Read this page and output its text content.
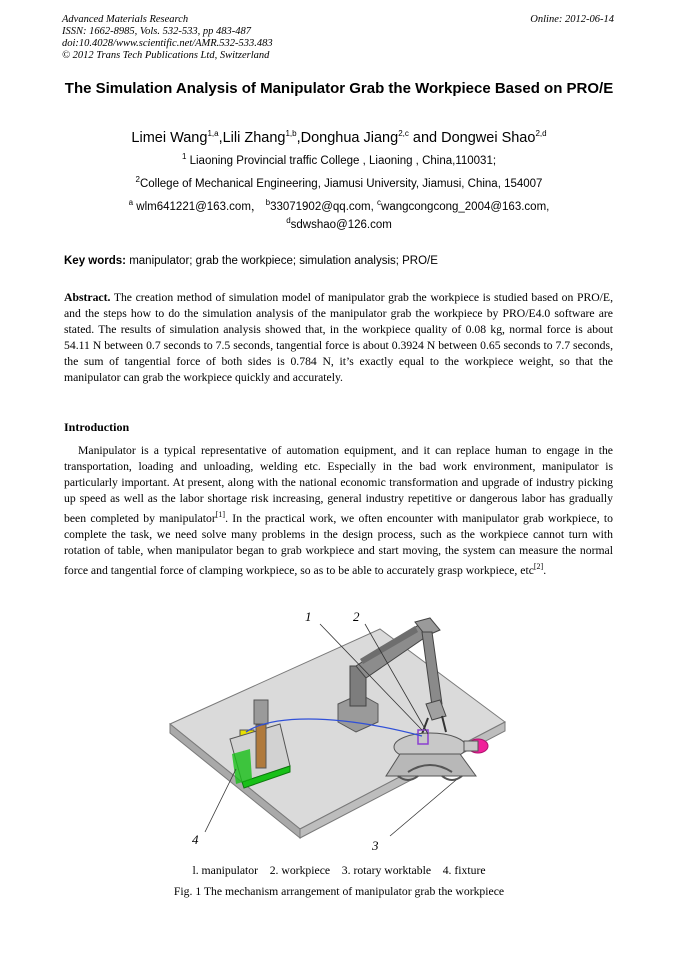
Advanced Materials Research
ISSN: 1662-8985, Vols. 532-533, pp 483-487
doi:10.4028/www.scientific.net/AMR.532-533.483
© 2012 Trans Tech Publications Ltd, Switzerland
Online: 2012-06-14
The Simulation Analysis of Manipulator Grab the Workpiece Based on PRO/E
Limei Wang$^{1,a}$,Lili Zhang$^{1,b}$,Donghua Jiang$^{2,c}$ and Dongwei Shao$^{2,d}$
$^1$ Liaoning Provincial traffic College , Liaoning , China,110031;
$^2$College of Mechanical Engineering, Jiamusi University, Jiamusi, China, 154007
$^a$ wlm641221@163.com， $^b$33071902@qq.com, $^c$wangcongcong_2004@163.com,
$^d$sdwshao@126.com
Key words: manipulator; grab the workpiece; simulation analysis; PRO/E
Abstract. The creation method of simulation model of manipulator grab the workpiece is studied based on PRO/E, and the steps how to do the simulation analysis of the manipulator grab the workpiece by PRO/E4.0 software are stated. The results of simulation analysis showed that, in the workpiece quality of 0.08 kg, normal force is about 54.11 N between 0.7 seconds to 7.5 seconds, tangential force is about 0.3924 N between 0.65 seconds to 7.7 seconds, the sum of tangential force of both sides is 0.784 N, it’s exactly equal to the workpiece weight, so that the manipulator can grab the workpiece quickly and accurately.
Introduction
Manipulator is a typical representative of automation equipment, and it can replace human to engage in the transportation, loading and unloading, welding etc. Especially in the bad work environment, manipulator is particularly important. At present, along with the national economic transformation and upgrade of industry picking up speed as well as the labor shortage risk increasing, general industry repetitive or dangerous labor has gradually been completed by manipulator[1]. In the practical work, we often encounter with manipulator grab workpiece, to complete the task, we need solve many problems in the design process, such as the workpiece cannot turn with rotation of table, when manipulator began to grab workpiece and start moving, the system can measure the normal force and tangential force of clamping workpiece, so as to be able to accurately grasp workpiece, etc[2].
1	2
3
4
l. manipulator    2. workpiece    3. rotary worktable    4. fixture
Fig. 1 The mechanism arrangement of manipulator grab the workpiece
